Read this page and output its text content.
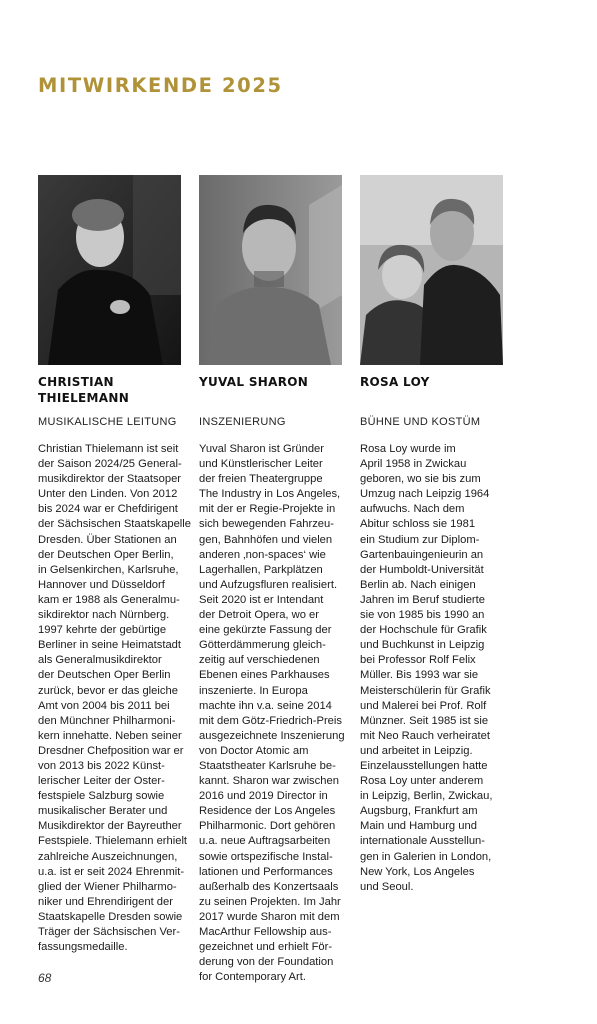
MITWIRKENDE 2025
CHRISTIAN THIELEMANN
MUSIKALISCHE LEITUNG
Christian Thielemann ist seit
der Saison 2024/25 General-
musikdirektor der Staatsoper
Unter den Linden. Von 2012
bis 2024 war er Chefdirigent
der Sächsischen Staatskapelle
Dresden. Über Stationen an
der Deutschen Oper Berlin,
in Gelsenkirchen, Karlsruhe,
Hannover und Düsseldorf
kam er 1988 als Generalmu-
sikdirektor nach Nürnberg.
1997 kehrte der gebürtige
Berliner in seine Heimatstadt
als Generalmusikdirektor
der Deutschen Oper Berlin
zurück, bevor er das gleiche
Amt von 2004 bis 2011 bei
den Münchner Philharmoni-
kern innehatte. Neben seiner
Dresdner Chefposition war er
von 2013 bis 2022 Künst-
lerischer Leiter der Oster-
festspiele Salzburg sowie
musikalischer Berater und
Musikdirektor der Bayreuther
Festspiele. Thielemann erhielt
zahlreiche Auszeichnungen,
u.a. ist er seit 2024 Ehrenmit-
glied der Wiener Philharmo-
niker und Ehrendirigent der
Staatskapelle Dresden sowie
Träger der Sächsischen Ver-
fassungsmedaille.
YUVAL SHARON
INSZENIERUNG
Yuval Sharon ist Gründer
und Künstlerischer Leiter
der freien Theatergruppe
The Industry in Los Angeles,
mit der er Regie-Projekte in
sich bewegenden Fahrzeu-
gen, Bahnhöfen und vielen
anderen ‚non-spaces‘ wie
Lagerhallen, Parkplätzen
und Aufzugsfluren realisiert.
Seit 2020 ist er Intendant
der Detroit Opera, wo er
eine gekürzte Fassung der
Götterdämmerung gleich-
zeitig auf verschiedenen
Ebenen eines Parkhauses
inszenierte. In Europa
machte ihn v.a. seine 2014
mit dem Götz-Friedrich-Preis
ausgezeichnete Inszenierung
von Doctor Atomic am
Staatstheater Karlsruhe be-
kannt. Sharon war zwischen
2016 und 2019 Director in
Residence der Los Angeles
Philharmonic. Dort gehören
u.a. neue Auftragsarbeiten
sowie ortspezifische Instal-
lationen und Performances
außerhalb des Konzertsaals
zu seinen Projekten. Im Jahr
2017 wurde Sharon mit dem
MacArthur Fellowship aus-
gezeichnet und erhielt För-
derung von der Foundation
for Contemporary Art.
ROSA LOY
BÜHNE UND KOSTÜM
Rosa Loy wurde im
April 1958 in Zwickau
geboren, wo sie bis zum
Umzug nach Leipzig 1964
aufwuchs. Nach dem
Abitur schloss sie 1981
ein Studium zur Diplom-
Gartenbauingenieurin an
der Humboldt-Universität
Berlin ab. Nach einigen
Jahren im Beruf studierte
sie von 1985 bis 1990 an
der Hochschule für Grafik
und Buchkunst in Leipzig
bei Professor Rolf Felix
Müller. Bis 1993 war sie
Meisterschülerin für Grafik
und Malerei bei Prof. Rolf
Münzner. Seit 1985 ist sie
mit Neo Rauch verheiratet
und arbeitet in Leipzig.
Einzelausstellungen hatte
Rosa Loy unter anderem
in Leipzig, Berlin, Zwickau,
Augsburg, Frankfurt am
Main und Hamburg und
internationale Ausstellun-
gen in Galerien in London,
New York, Los Angeles
und Seoul.
68
